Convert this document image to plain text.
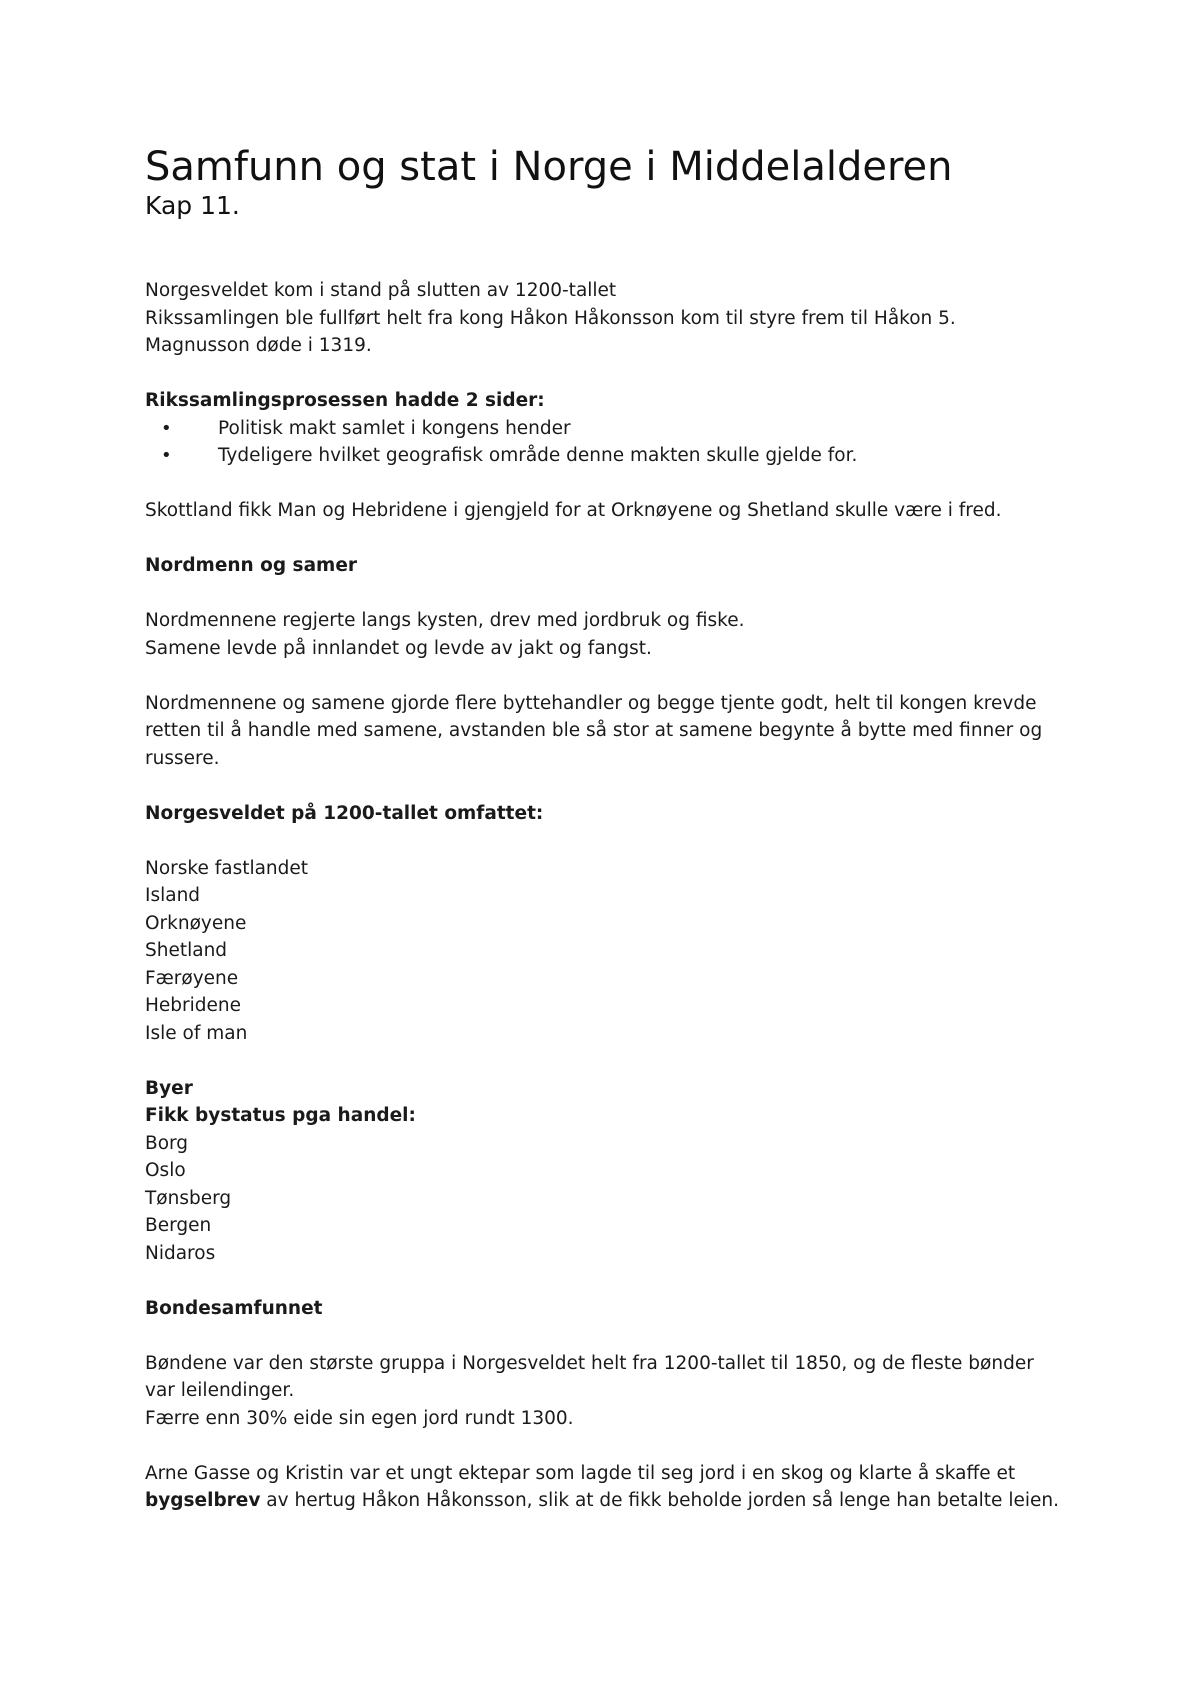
Samfunn og stat i Norge i Middelalderen
Kap 11.

Norgesveldet kom i stand på slutten av 1200-tallet

Rikssamlingen ble fullført helt fra kong Håkon Håkonsson kom til styre frem til Håkon 5. Magnusson døde i 1319.

Rikssamlingsprosessen hadde 2 sider:

•	Politisk makt samlet i kongens hender
•	Tydeligere hvilket geografisk område denne makten skulle gjelde for.

Skottland fikk Man og Hebridene i gjengjeld for at Orknøyene og Shetland skulle være i fred.

Nordmenn og samer

Nordmennene regjerte langs kysten, drev med jordbruk og fiske.

Samene levde på innlandet og levde av jakt og fangst.

Nordmennene og samene gjorde flere byttehandler og begge tjente godt, helt til kongen krevde retten til å handle med samene, avstanden ble så stor at samene begynte å bytte med finner og russere.

Norgesveldet på 1200-tallet omfattet:

Norske fastlandet

Island

Orknøyene

Shetland

Færøyene

Hebridene

Isle of man

Byer

Fikk bystatus pga handel:

Borg

Oslo

Tønsberg

Bergen

Nidaros

Bondesamfunnet

Bøndene var den største gruppa i Norgesveldet helt fra 1200-tallet til 1850, og de fleste bønder var leilendinger.

Færre enn 30% eide sin egen jord rundt 1300.

Arne Gasse og Kristin var et ungt ektepar som lagde til seg jord i en skog og klarte å skaffe et bygselbrev av hertug Håkon Håkonsson, slik at de fikk beholde jorden så lenge han betalte leien.
